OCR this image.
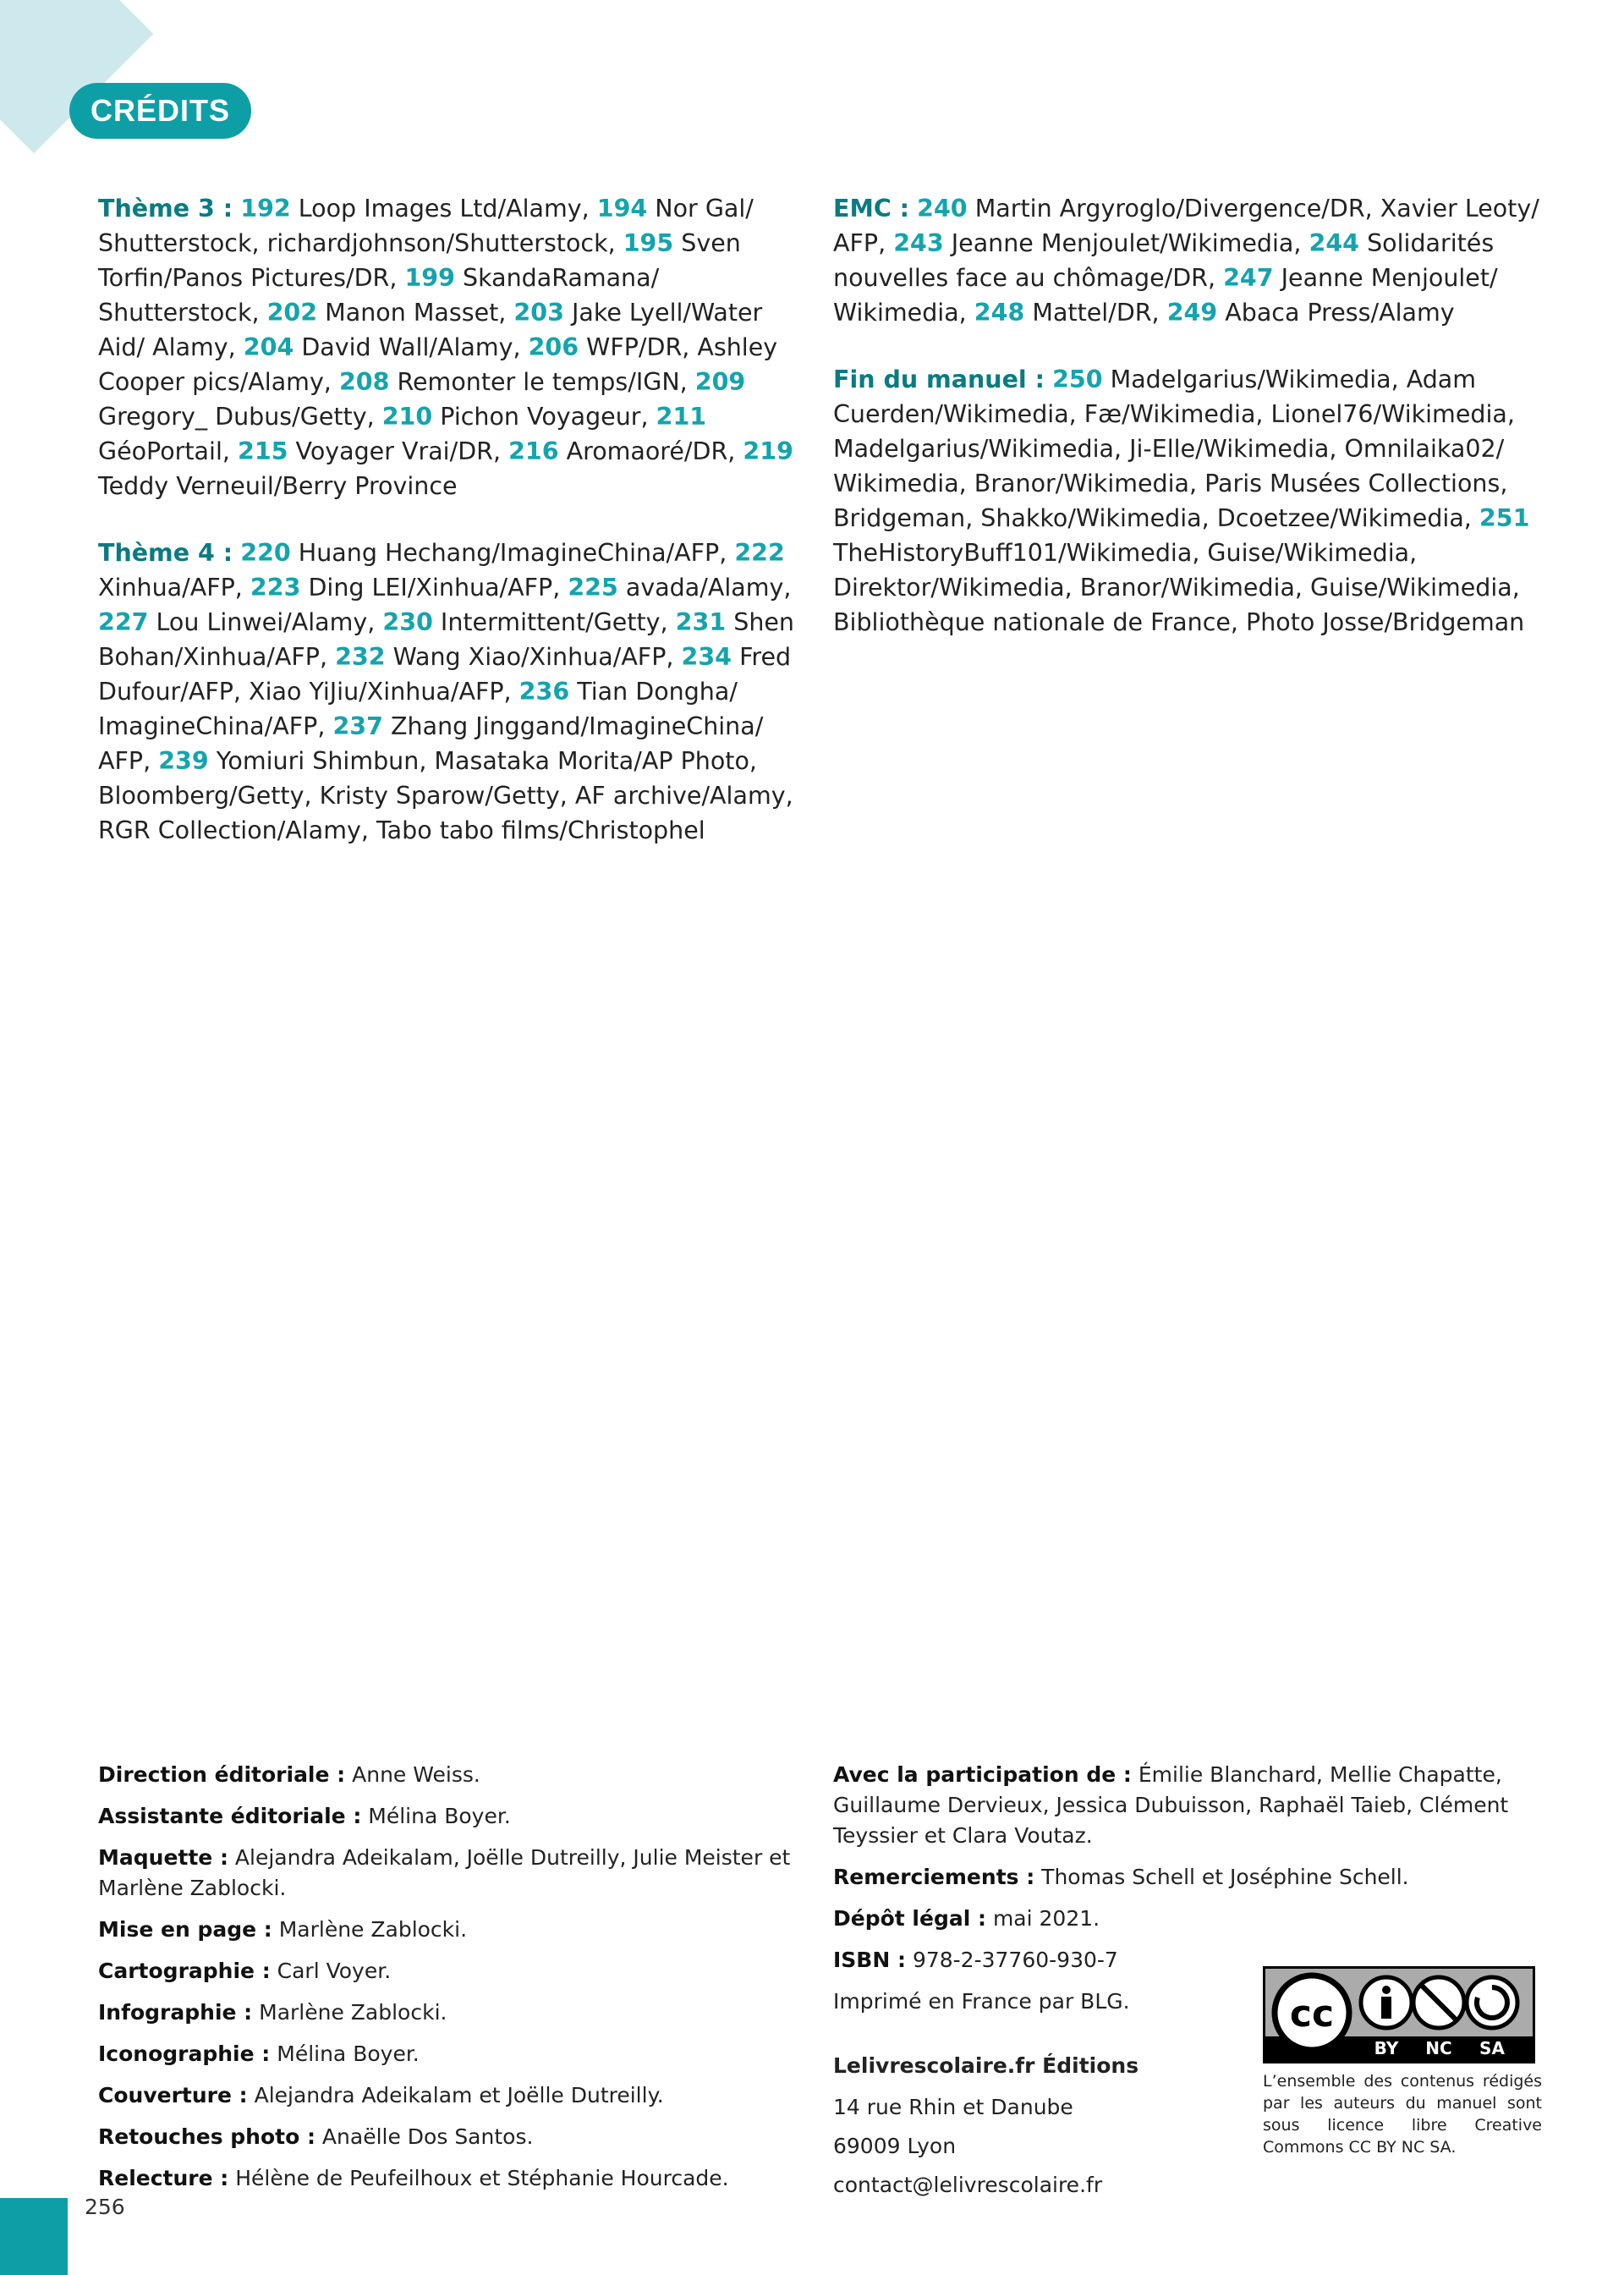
CRÉDITS

Thème 3 : 192 Loop Images Ltd/Alamy, 194 Nor Gal/ Shutterstock, richardjohnson/Shutterstock, 195 Sven Torfin/Panos Pictures/DR, 199 SkandaRamana/ Shutterstock, 202 Manon Masset, 203 Jake Lyell/Water Aid/ Alamy, 204 David Wall/Alamy, 206 WFP/DR, Ashley Cooper pics/Alamy, 208 Remonter le temps/IGN, 209 Gregory_ Dubus/Getty, 210 Pichon Voyageur, 211 GéoPortail, 215 Voyager Vrai/DR, 216 Aromaoré/DR, 219 Teddy Verneuil/Berry Province

Thème 4 : 220 Huang Hechang/ImagineChina/AFP, 222 Xinhua/AFP, 223 Ding LEI/Xinhua/AFP, 225 avada/Alamy, 227 Lou Linwei/Alamy, 230 Intermittent/Getty, 231 Shen Bohan/Xinhua/AFP, 232 Wang Xiao/Xinhua/AFP, 234 Fred Dufour/AFP, Xiao YiJiu/Xinhua/AFP, 236 Tian Dongha/ ImagineChina/AFP, 237 Zhang Jinggand/ImagineChina/ AFP, 239 Yomiuri Shimbun, Masataka Morita/AP Photo, Bloomberg/Getty, Kristy Sparow/Getty, AF archive/Alamy, RGR Collection/Alamy, Tabo tabo films/Christophel

EMC : 240 Martin Argyroglo/Divergence/DR, Xavier Leoty/ AFP, 243 Jeanne Menjoulet/Wikimedia, 244 Solidarités nouvelles face au chômage/DR, 247 Jeanne Menjoulet/ Wikimedia, 248 Mattel/DR, 249 Abaca Press/Alamy

Fin du manuel : 250 Madelgarius/Wikimedia, Adam Cuerden/Wikimedia, Fæ/Wikimedia, Lionel76/Wikimedia, Madelgarius/Wikimedia, Ji-Elle/Wikimedia, Omnilaika02/ Wikimedia, Branor/Wikimedia, Paris Musées Collections, Bridgeman, Shakko/Wikimedia, Dcoetzee/Wikimedia, 251 TheHistoryBuff101/Wikimedia, Guise/Wikimedia, Direktor/Wikimedia, Branor/Wikimedia, Guise/Wikimedia, Bibliothèque nationale de France, Photo Josse/Bridgeman

Direction éditoriale : Anne Weiss.

Assistante éditoriale : Mélina Boyer.

Maquette : Alejandra Adeikalam, Joëlle Dutreilly, Julie Meister et Marlène Zablocki.

Mise en page : Marlène Zablocki.

Cartographie : Carl Voyer.

Infographie : Marlène Zablocki.

Iconographie : Mélina Boyer.

Couverture : Alejandra Adeikalam et Joëlle Dutreilly.

Retouches photo : Anaëlle Dos Santos.

Relecture : Hélène de Peufeilhoux et Stéphanie Hourcade.

Avec la participation de : Émilie Blanchard, Mellie Chapatte, Guillaume Dervieux, Jessica Dubuisson, Raphaël Taieb, Clément Teyssier et Clara Voutaz.

Remerciements : Thomas Schell et Joséphine Schell.

Dépôt légal : mai 2021.

ISBN : 978-2-37760-930-7

Imprimé en France par BLG.

Lelivrescolaire.fr Éditions

14 rue Rhin et Danube

69009 Lyon

contact@lelivrescolaire.fr

cc
BY NC SA
L’ensemble des contenus rédigés par les auteurs du manuel sont sous licence libre Creative Commons CC BY NC SA.
256
